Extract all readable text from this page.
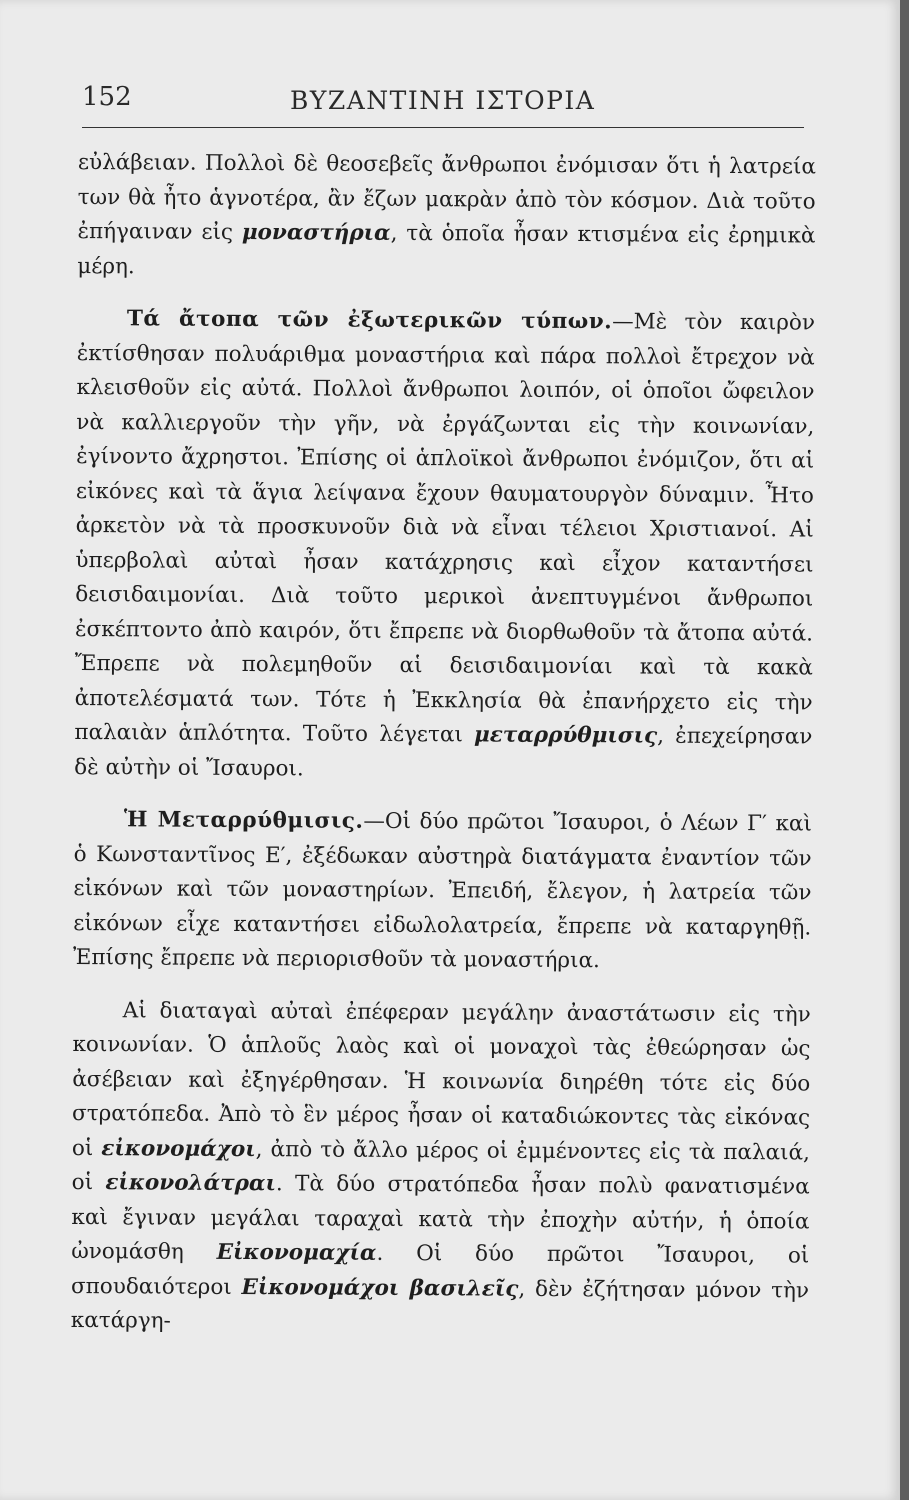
152	ΒΥΖΑΝΤΙΝΗ ΙΣΤΟΡΙΑ

εὐλάβειαν. Πολλοὶ δὲ θεοσεβεῖς ἄνθρωποι ἐνόμισαν ὅτι ἡ λατρεία των θὰ ἦτο ἁγνοτέρα, ἂν ἔζων μακρὰν ἀπὸ τὸν κόσμον. Διὰ τοῦτο ἐπήγαιναν εἰς μοναστήρια, τὰ ὁποῖα ἦσαν κτισμένα εἰς ἐρημικὰ μέρη.

Τά ἄτοπα τῶν ἐξωτερικῶν τύπων.—Μὲ τὸν καιρὸν ἐκτίσθησαν πολυάριθμα μοναστήρια καὶ πάρα πολλοὶ ἔτρεχον νὰ κλεισθοῦν εἰς αὐτά. Πολλοὶ ἄνθρωποι λοιπόν, οἱ ὁποῖοι ὤφειλον νὰ καλλιεργοῦν τὴν γῆν, νὰ ἐργάζωνται εἰς τὴν κοινωνίαν, ἐγίνοντο ἄχρηστοι. Ἐπίσης οἱ ἁπλοϊκοὶ ἄνθρωποι ἐνόμιζον, ὅτι αἱ εἰκόνες καὶ τὰ ἅγια λείψανα ἔχουν θαυματουργὸν δύναμιν. Ἦτο ἀρκετὸν νὰ τὰ προσκυνοῦν διὰ νὰ εἶναι τέλειοι Χριστιανοί. Αἱ ὑπερβολαὶ αὐταὶ ἦσαν κατάχρησις καὶ εἶχον καταντήσει δεισιδαιμονίαι. Διὰ τοῦτο μερικοὶ ἀνεπτυγμένοι ἄνθρωποι ἐσκέπτοντο ἀπὸ καιρόν, ὅτι ἔπρεπε νὰ διορθωθοῦν τὰ ἄτοπα αὐτά. Ἔπρεπε νὰ πολεμηθοῦν αἱ δεισιδαιμονίαι καὶ τὰ κακὰ ἀποτελέσματά των. Τότε ἡ Ἐκκλησία θὰ ἐπανήρχετο εἰς τὴν παλαιὰν ἁπλότητα. Τοῦτο λέγεται μεταρρύθμισις, ἐπεχείρησαν δὲ αὐτὴν οἱ Ἴσαυροι.

Ἡ Μεταρρύθμισις.—Οἱ δύο πρῶτοι Ἴσαυροι, ὁ Λέων Γ′ καὶ ὁ Κωνσταντῖνος Ε′, ἐξέδωκαν αὐστηρὰ διατάγματα ἐναντίον τῶν εἰκόνων καὶ τῶν μοναστηρίων. Ἐπειδή, ἔλεγον, ἡ λατρεία τῶν εἰκόνων εἶχε καταντήσει εἰδωλολατρεία, ἔπρεπε νὰ καταργηθῇ. Ἐπίσης ἔπρεπε νὰ περιορισθοῦν τὰ μοναστήρια.

Αἱ διαταγαὶ αὐταὶ ἐπέφεραν μεγάλην ἀναστάτωσιν εἰς τὴν κοινωνίαν. Ὁ ἁπλοῦς λαὸς καὶ οἱ μοναχοὶ τὰς ἐθεώρησαν ὡς ἀσέβειαν καὶ ἐξηγέρθησαν. Ἡ κοινωνία διηρέθη τότε εἰς δύο στρατόπεδα. Ἀπὸ τὸ ἓν μέρος ἦσαν οἱ καταδιώκοντες τὰς εἰκόνας οἱ εἰκονομάχοι, ἀπὸ τὸ ἄλλο μέρος οἱ ἐμμένοντες εἰς τὰ παλαιά, οἱ εἰκονολάτραι. Τὰ δύο στρατόπεδα ἦσαν πολὺ φανατισμένα καὶ ἔγιναν μεγάλαι ταραχαὶ κατὰ τὴν ἐποχὴν αὐτήν, ἡ ὁποία ὠνομάσθη Εἰκονομαχία. Οἱ δύο πρῶτοι Ἴσαυροι, οἱ σπουδαιότεροι Εἰκονομάχοι βασιλεῖς, δὲν ἐζήτησαν μόνον τὴν κατάργη-
